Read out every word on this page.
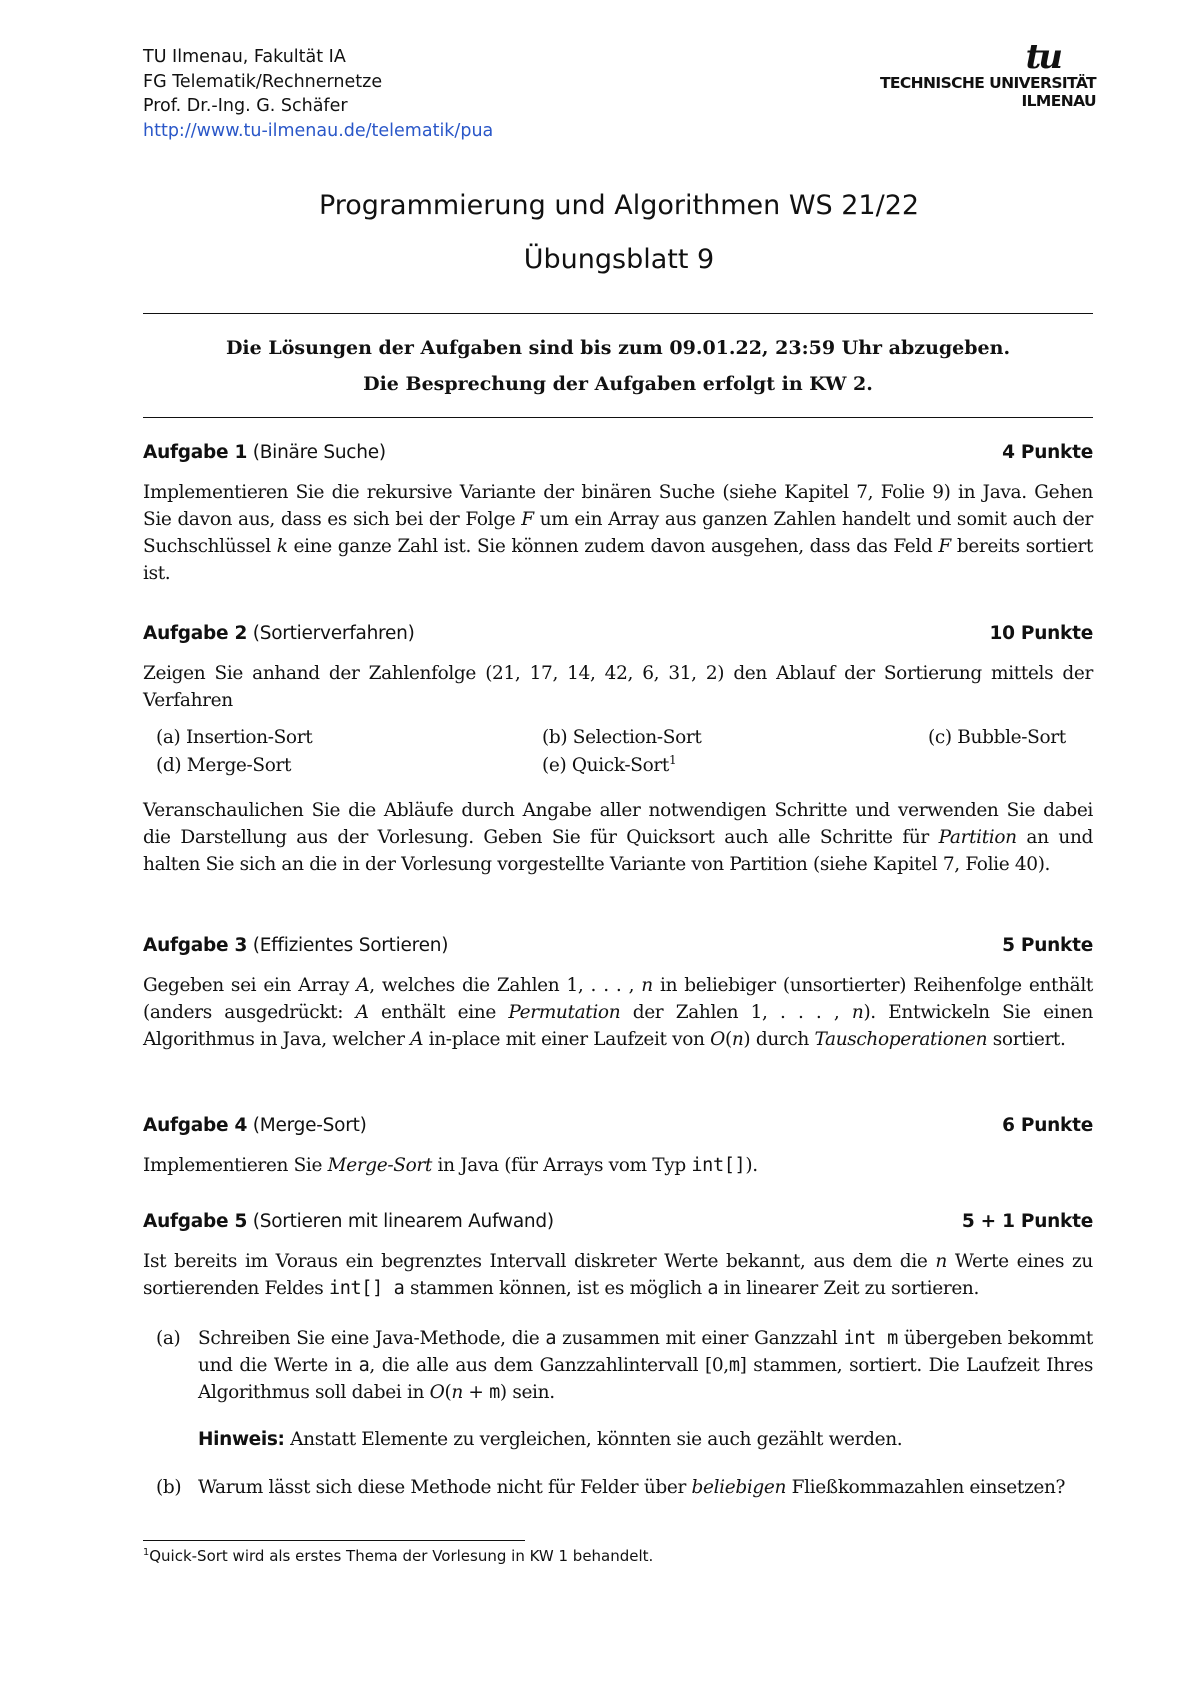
TU Ilmenau, Fakultät IA
FG Telematik/Rechnernetze
Prof. Dr.-Ing. G. Schäfer
http://www.tu-ilmenau.de/telematik/pua
tu
TECHNISCHE UNIVERSITÄT
ILMENAU
Programmierung und Algorithmen WS 21/22
Übungsblatt 9
Die Lösungen der Aufgaben sind bis zum 09.01.22, 23:59 Uhr abzugeben.
Die Besprechung der Aufgaben erfolgt in KW 2.
Aufgabe 1 (Binäre Suche)	4 Punkte
Implementieren Sie die rekursive Variante der binären Suche (siehe Kapitel 7, Folie 9) in Java. Gehen Sie davon aus, dass es sich bei der Folge F um ein Array aus ganzen Zahlen handelt und somit auch der Suchschlüssel k eine ganze Zahl ist. Sie können zudem davon ausgehen, dass das Feld F bereits sortiert ist.
Aufgabe 2 (Sortierverfahren)	10 Punkte
Zeigen Sie anhand der Zahlenfolge (21, 17, 14, 42, 6, 31, 2) den Ablauf der Sortierung mittels der Verfahren
(a) Insertion-Sort	(b) Selection-Sort	(c) Bubble-Sort
(d) Merge-Sort	(e) Quick-Sort$^1$
Veranschaulichen Sie die Abläufe durch Angabe aller notwendigen Schritte und verwenden Sie dabei die Darstellung aus der Vorlesung. Geben Sie für Quicksort auch alle Schritte für Partition an und halten Sie sich an die in der Vorlesung vorgestellte Variante von Partition (siehe Kapitel 7, Folie 40).
Aufgabe 3 (Effizientes Sortieren)	5 Punkte
Gegeben sei ein Array A, welches die Zahlen 1, . . . , n in beliebiger (unsortierter) Reihenfolge enthält (anders ausgedrückt: A enthält eine Permutation der Zahlen 1, . . . , n). Entwickeln Sie einen Algorithmus in Java, welcher A in-place mit einer Laufzeit von O(n) durch Tauschoperationen sortiert.
Aufgabe 4 (Merge-Sort)	6 Punkte
Implementieren Sie Merge-Sort in Java (für Arrays vom Typ int[]).
Aufgabe 5 (Sortieren mit linearem Aufwand)	5 + 1 Punkte
Ist bereits im Voraus ein begrenztes Intervall diskreter Werte bekannt, aus dem die n Werte eines zu sortierenden Feldes int[] a stammen können, ist es möglich a in linearer Zeit zu sortieren.
(a) Schreiben Sie eine Java-Methode, die a zusammen mit einer Ganzzahl int m übergeben bekommt und die Werte in a, die alle aus dem Ganzzahlintervall [0,m] stammen, sortiert. Die Laufzeit Ihres Algorithmus soll dabei in O(n + m) sein.
Hinweis: Anstatt Elemente zu vergleichen, könnten sie auch gezählt werden.
(b) Warum lässt sich diese Methode nicht für Felder über beliebigen Fließkommazahlen einsetzen?
$^1$Quick-Sort wird als erstes Thema der Vorlesung in KW 1 behandelt.
